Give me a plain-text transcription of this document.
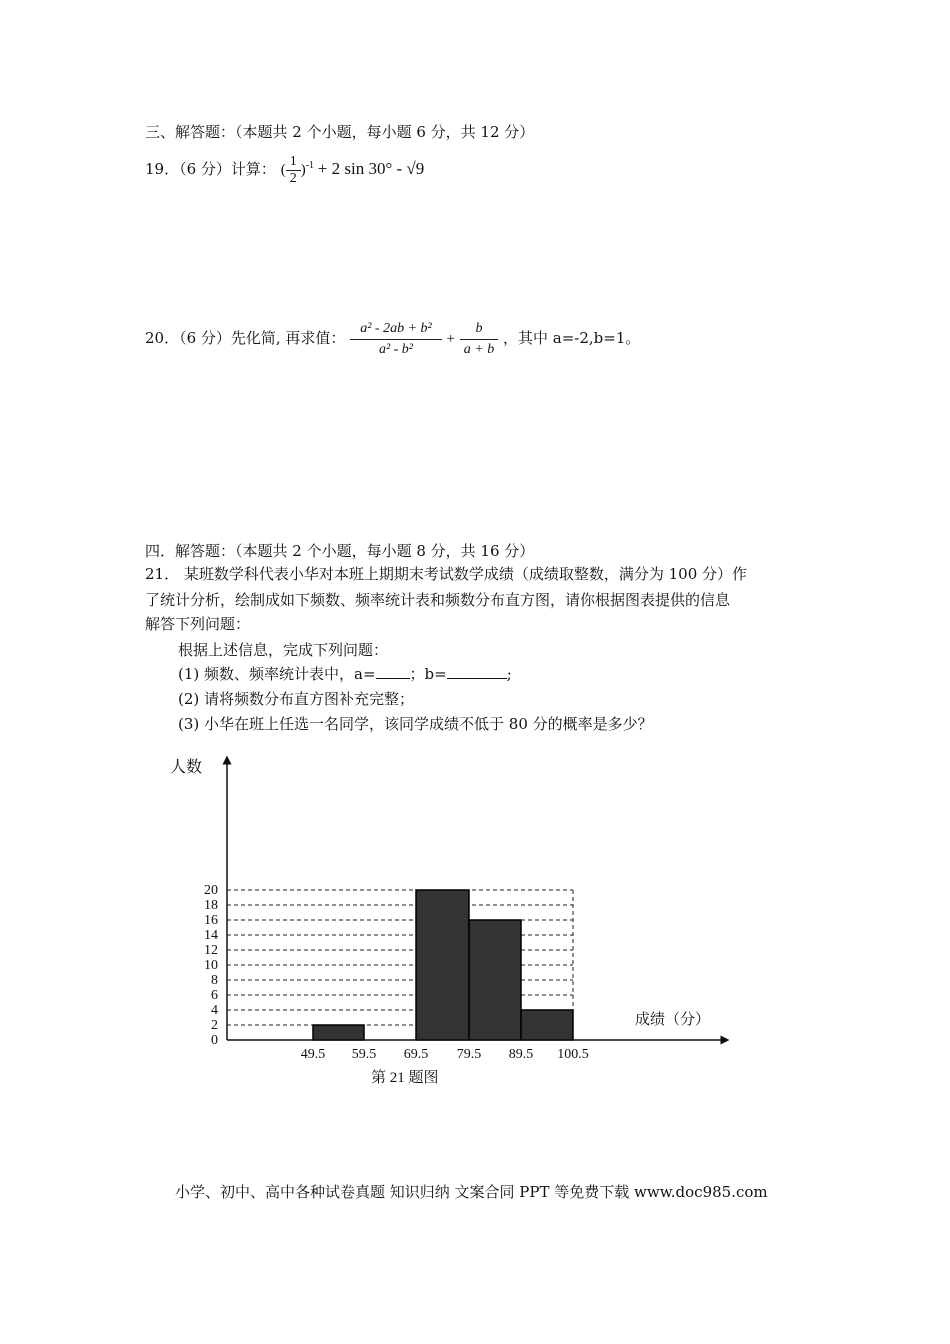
三、解答题：（本题共 2 个小题，每小题 6 分，共 12 分）
19．（6 分）计算： ( $\frac{1}{2} )^{-1} + 2$ sin 30° - √9
20．（6 分）先化简, 再求值： $\frac{\text{a² - 2ab + b²}}{\text{a² - b²}} + \frac{b}{a + b}$ ，其中 a=-2,b=1。
四．解答题：（本题共 2 个小题，每小题 8 分，共 16 分）
21． 某班数学科代表小华对本班上期期末考试数学成绩（成绩取整数，满分为 100 分）作
了统计分析，绘制成如下频数、频率统计表和频数分布直方图，请你根据图表提供的信息
解答下列问题：
根据上述信息，完成下列问题：
(1) 频数、频率统计表中，a= ；b=	;
(2) 请将频数分布直方图补充完整；
(3) 小华在班上任选一名同学，该同学成绩不低于 80 分的概率是多少？
0
2
4
6
8
10
12
14
16
18
20
49.5 59.5 69.5 79.5 89.5 100.5
人数
成绩（分）
第 21 题图
小学、初中、高中各种试卷真题 知识归纳 文案合同 PPT 等免费下载 www.doc985.com
